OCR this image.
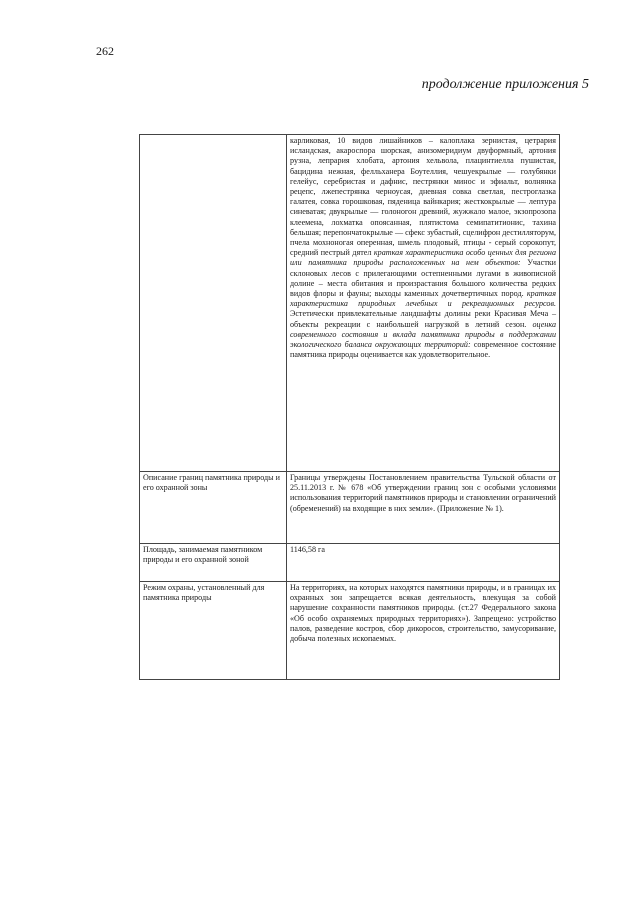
262
продолжение приложения 5
	карликовая, 10 видов лишайников – калоплака зернистая, цетрария исландская, акароспора шорская, анизомеридиум двуформный, артония рузна, лепрария хлобата, артония хельвола, плацинтиелла пушистая, бацидина нежная, фелльханера Боутеллия, чешуекрылые — голубянки гелейус, серебристая и дафнис, пестрянки минос и эфиальт, волнянка рецепс, лжепестрянка черноусая, дневная совка светлая, пестроглазка галатея, совка горошковая, пяденица вайнкария; жесткокрылые — лептура синеватая; двукрылые — голоногон древний, жужжало малое, экзопрозопа клеемена, лохматка опоясанная, плятистома семипатитионис, тахина бельшая; перепончатокрылые — сфекс зубастый, сцелифрон дестилляторум, пчела мохноногая оперенная, шмель плодовый, птицы - серый сорокопут, средний пестрый дятел краткая характеристика особо ценных для региона или памятника природы расположенных на нем объектов: Участки склоновых лесов с прилегающими остепненными лугами в живописной долине – места обитания и произрастания большого количества редких видов флоры и фауны; выходы каменных дочетвертичных пород. краткая характеристика природных лечебных и рекреационных ресурсов. Эстетически привлекательные ландшафты долины реки Красивая Меча – объекты рекреации с наибольшей нагрузкой в летний сезон. оценка современного состояния и вклада памятника природы в поддержании экологического баланса окружающих территорий: современное состояние памятника природы оценивается как удовлетворительное.
Описание границ памятника природы и его охранной зоны	Границы утверждены Постановлением правительства Тульской области от 25.11.2013 г. № 678 «Об утверждении границ зон с особыми условиями использования территорий памятников природы и становлении ограничений (обременений) на входящие в них земли». (Приложение № 1).
Площадь, занимаемая памятником природы и его охранной зоной	1146,58 га
Режим охраны, установленный для памятника природы	На территориях, на которых находятся памятники природы, и в границах их охранных зон запрещается всякая деятельность, влекущая за собой нарушение сохранности памятников природы. (ст.27 Федерального закона «Об особо охраняемых природных территориях»). Запрещено: устройство палов, разведение костров, сбор дикоросов, строительство, замусоривание, добыча полезных ископаемых.
